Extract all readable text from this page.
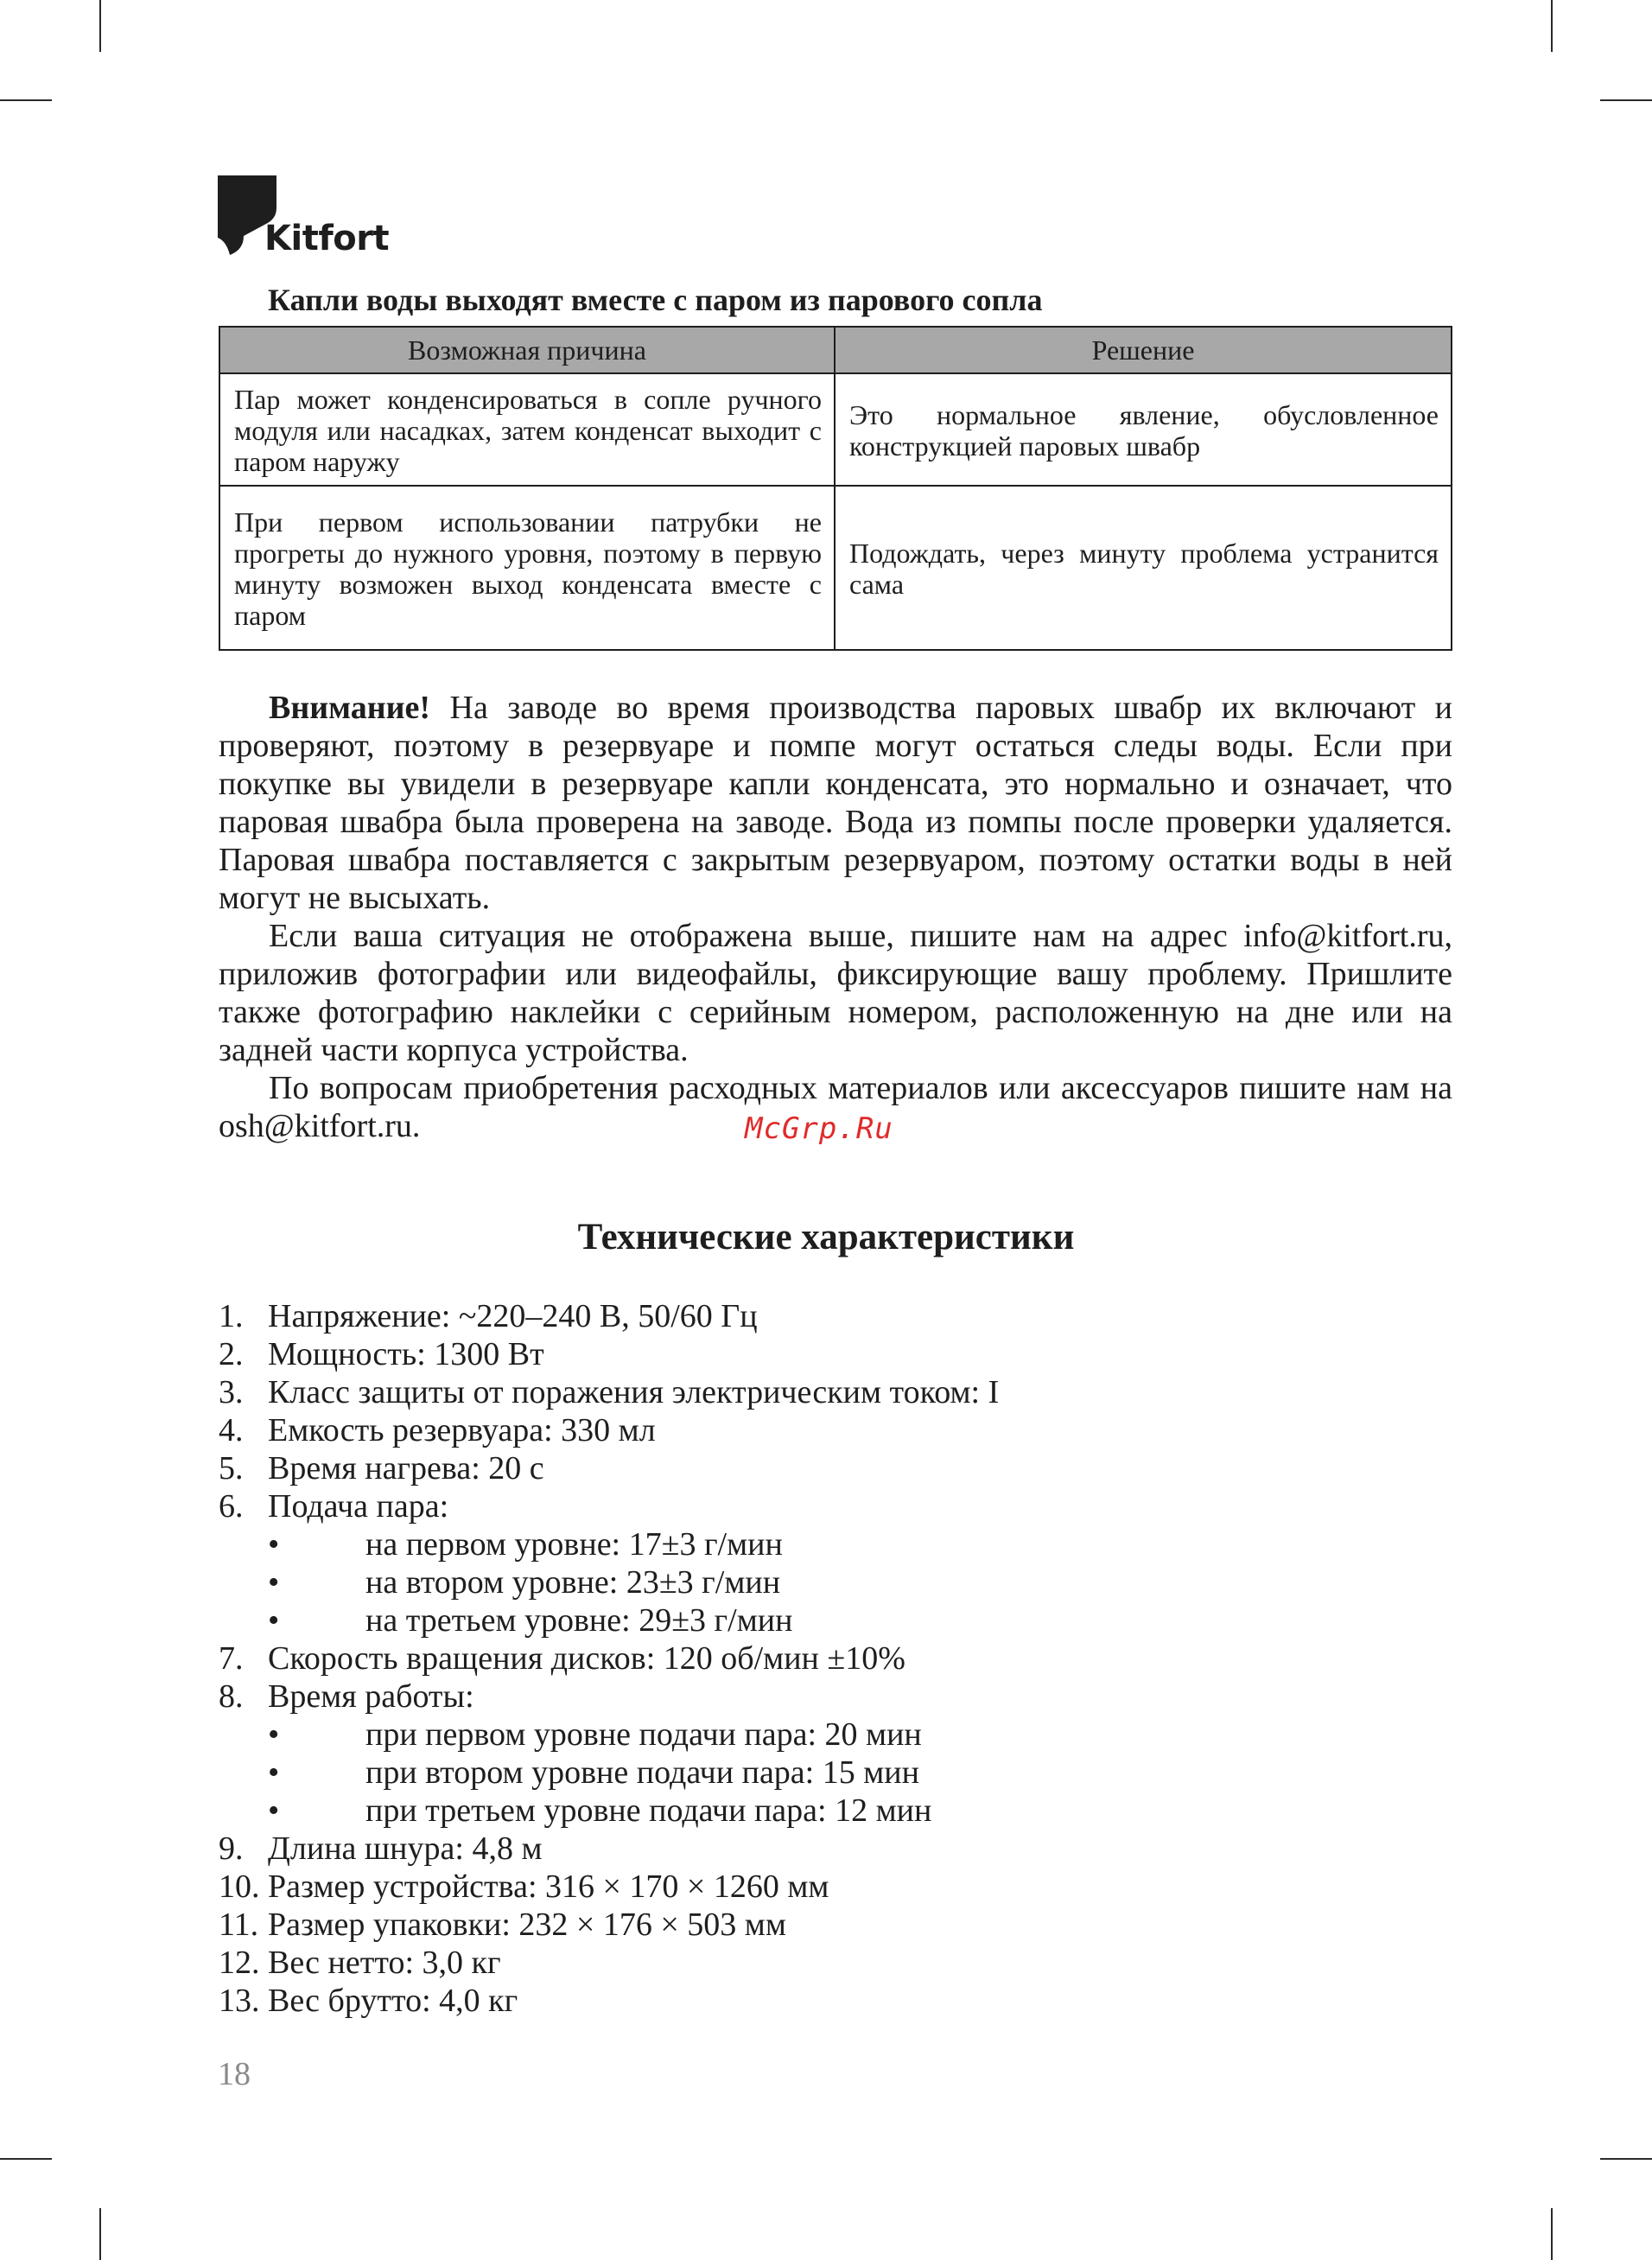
Kitfort
Капли воды выходят вместе с паром из парового сопла
Возможная причина	Решение
Пар может конденсироваться в сопле ручного модуля или насадках, затем конденсат выходит с паром наружу	Это нормальное явление, обусловленное конструкцией паровых швабр
При первом использовании патрубки не прогреты до нужного уровня, поэтому в первую минуту возможен выход конденсата вместе с паром	Подождать, через минуту проблема устранится сама

Внимание! На заводе во время производства паровых швабр их включают и проверяют, поэтому в резервуаре и помпе могут остаться следы воды. Если при покупке вы увидели в резервуаре капли конденсата, это нормально и означает, что паровая швабра была проверена на заводе. Вода из помпы после проверки удаляется. Паровая швабра поставляется с закрытым резервуаром, поэтому остатки воды в ней могут не высыхать.

Если ваша ситуация не отображена выше, пишите нам на адрес info@kitfort.ru, приложив фотографии или видеофайлы, фиксирующие вашу проблему. Пришлите также фотографию наклейки с серийным номером, расположенную на дне или на задней части корпуса устройства.

По вопросам приобретения расходных материалов или аксессуаров пишите нам на osh@kitfort.ru.	McGrp.Ru
Технические характеристики
1. Напряжение: ~220–240 В, 50/60 Гц
2. Мощность: 1300 Вт
3. Класс защиты от поражения электрическим током: I
4. Емкость резервуара: 330 мл
5. Время нагрева: 20 с
6. Подача пара:
•	на первом уровне: 17±3 г/мин
•	на втором уровне: 23±3 г/мин
•	на третьем уровне: 29±3 г/мин
7. Скорость вращения дисков: 120 об/мин ±10%
8. Время работы:
•	при первом уровне подачи пара: 20 мин
•	при втором уровне подачи пара: 15 мин
•	при третьем уровне подачи пара: 12 мин
9. Длина шнура: 4,8 м
10. Размер устройства: 316 × 170 × 1260 мм
11. Размер упаковки: 232 × 176 × 503 мм
12. Вес нетто: 3,0 кг
13. Вес брутто: 4,0 кг
18
